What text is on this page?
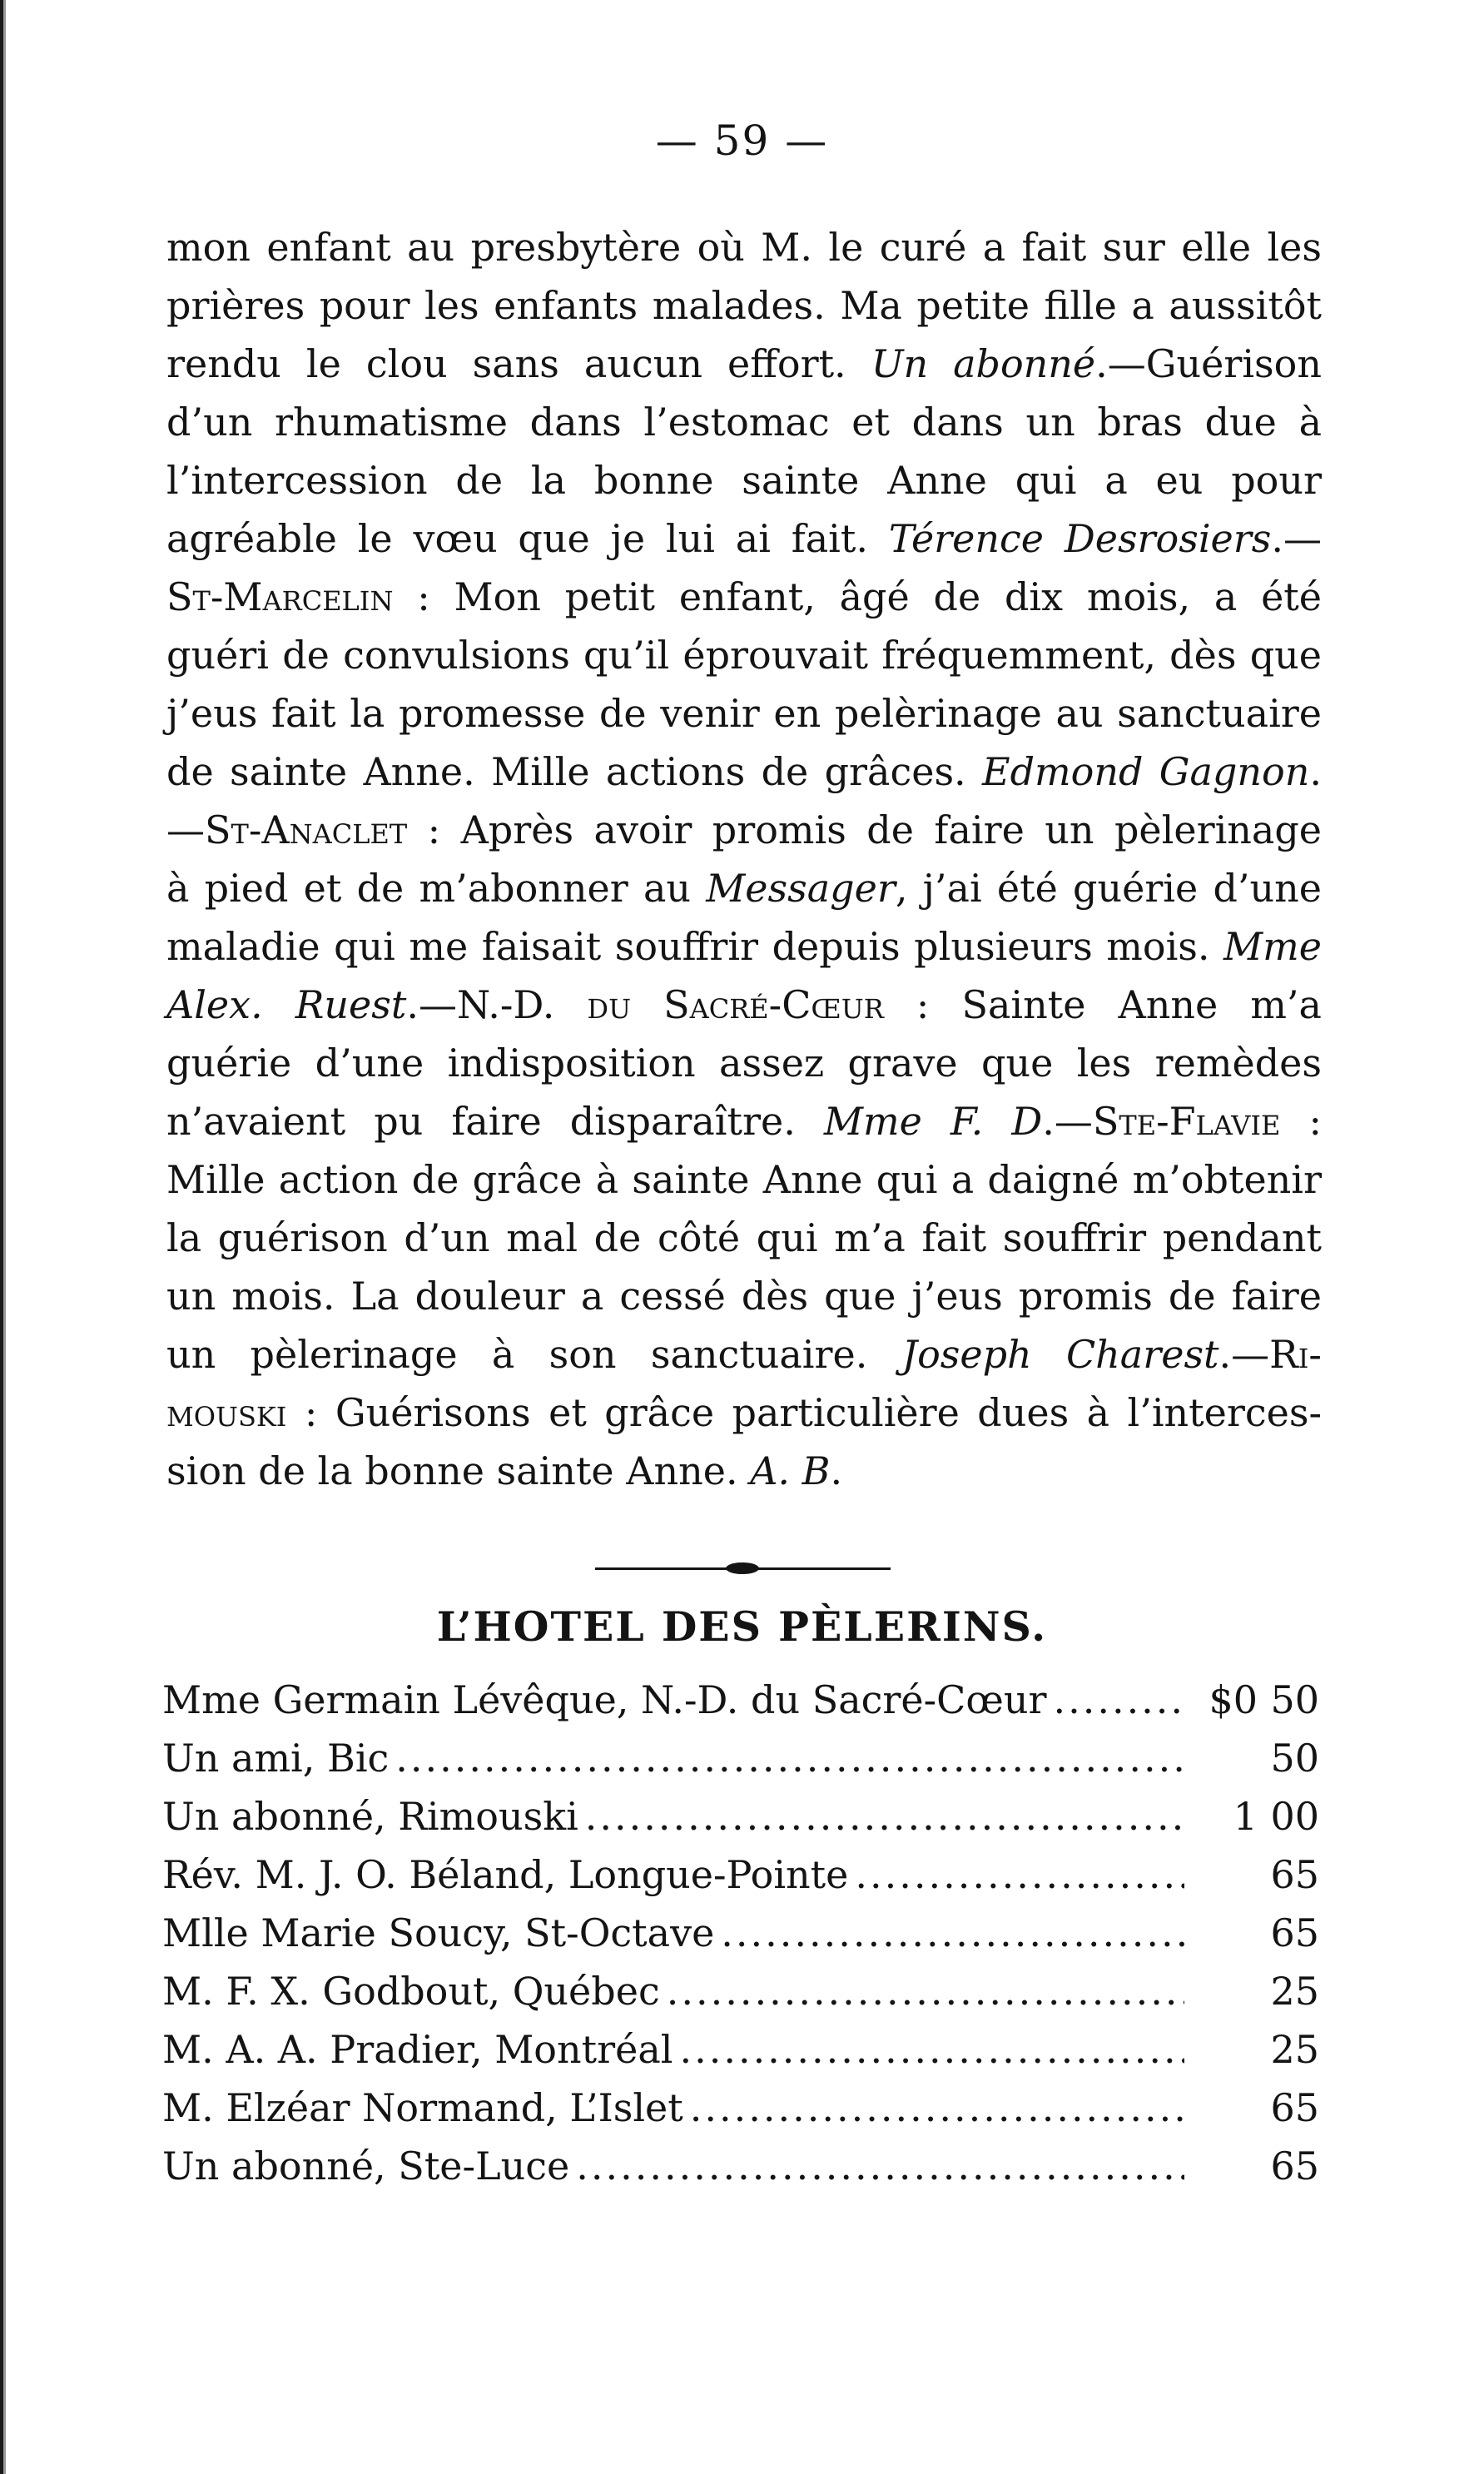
— 59 —
mon enfant au presbytère où M. le curé a fait sur elle les
prières pour les enfants malades. Ma petite fille a aussitôt
rendu le clou sans aucun effort. Un abonné.—Guérison
d’un rhumatisme dans l’estomac et dans un bras due à
l’intercession de la bonne sainte Anne qui a eu pour
agréable le vœu que je lui ai fait. Térence Desrosiers.—
St-Marcelin : Mon petit enfant, âgé de dix mois, a été
guéri de convulsions qu’il éprouvait fréquemment, dès que
j’eus fait la promesse de venir en pelèrinage au sanctuaire
de sainte Anne. Mille actions de grâces. Edmond Gagnon.
—St-Anaclet : Après avoir promis de faire un pèlerinage
à pied et de m’abonner au Messager, j’ai été guérie d’une
maladie qui me faisait souffrir depuis plusieurs mois. Mme
Alex. Ruest.—N.-D. du Sacré-Cœur : Sainte Anne m’a
guérie d’une indisposition assez grave que les remèdes
n’avaient pu faire disparaître. Mme F. D.—Ste-Flavie :
Mille action de grâce à sainte Anne qui a daigné m’obtenir
la guérison d’un mal de côté qui m’a fait souffrir pendant
un mois. La douleur a cessé dès que j’eus promis de faire
un pèlerinage à son sanctuaire. Joseph Charest.—Ri-
mouski : Guérisons et grâce particulière dues à l’interces-
sion de la bonne sainte Anne. A. B.
L’HOTEL DES PÈLERINS.
Mme Germain Lévêque, N.-D. du Sacré-Cœur .....	$0 50
Un ami, Bic .....	50
Un abonné, Rimouski .....	1 00
Rév. M. J. O. Béland, Longue-Pointe .....	65
Mlle Marie Soucy, St-Octave .....	65
M. F. X. Godbout, Québec .....	25
M. A. A. Pradier, Montréal .....	25
M. Elzéar Normand, L’Islet .....	65
Un abonné, Ste-Luce .....	65
